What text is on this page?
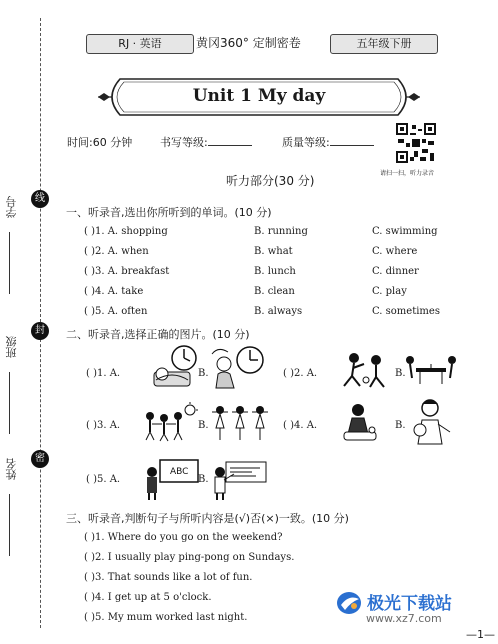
线
封
密
学号
班级
姓名
RJ · 英语	黄冈360° 定制密卷	五年级下册
Unit 1 My day
时间:60 分钟	书写等级:	质量等级:
请扫一扫，听力录音
听力部分(30 分)
一、听录音,选出你所听到的单词。(10 分)
( )1. A. shopping	B. running	C. swimming
( )2. A. when	B. what	C. where
( )3. A. breakfast	B. lunch	C. dinner
( )4. A. take	B. clean	C. play
( )5. A. often	B. always	C. sometimes
二、听录音,选择正确的图片。(10 分)
( )1. A.	B.	( )2. A.	B.
( )3. A.	B.	( )4. A.	B.
( )5. A.	B.
ABC
三、听录音,判断句子与所听内容是(√)否(×)一致。(10 分)
( )1. Where do you go on the weekend?
( )2. I usually play ping-pong on Sundays.
( )3. That sounds like a lot of fun.
( )4. I get up at 5 o'clock.
( )5. My mum worked last night.
极光下载站
www.xz7.com
—1—
